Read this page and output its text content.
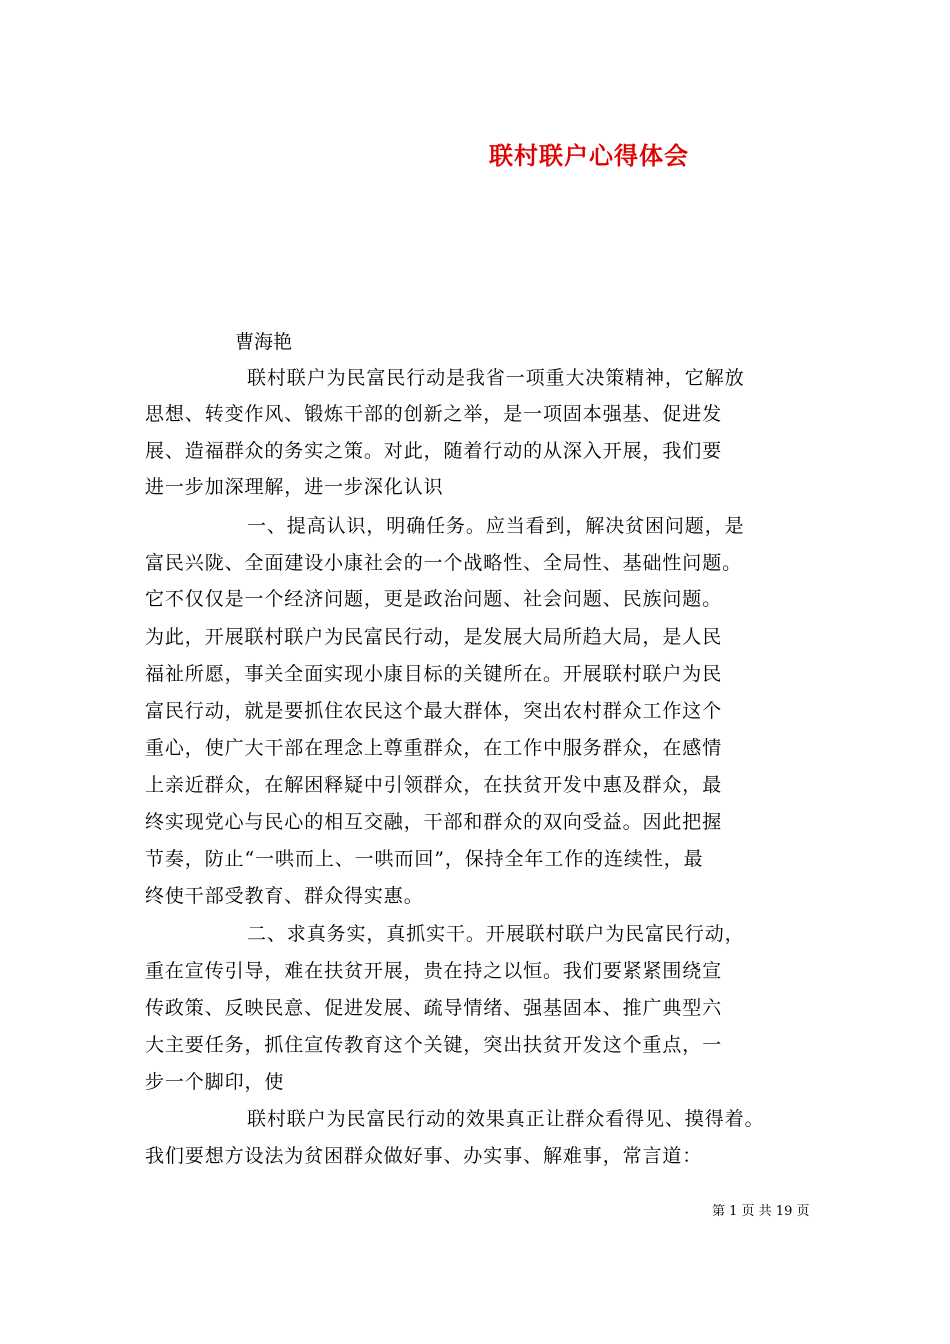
联村联户心得体会
曹海艳
联村联户为民富民行动是我省一项重大决策精神，它解放
思想、转变作风、锻炼干部的创新之举，是一项固本强基、促进发
展、造福群众的务实之策。对此，随着行动的从深入开展，我们要
进一步加深理解，进一步深化认识
一、提高认识，明确任务。应当看到，解决贫困问题，是
富民兴陇、全面建设小康社会的一个战略性、全局性、基础性问题。
它不仅仅是一个经济问题，更是政治问题、社会问题、民族问题。
为此，开展联村联户为民富民行动，是发展大局所趋大局，是人民
福祉所愿，事关全面实现小康目标的关键所在。开展联村联户为民
富民行动，就是要抓住农民这个最大群体，突出农村群众工作这个
重心，使广大干部在理念上尊重群众，在工作中服务群众，在感情
上亲近群众，在解困释疑中引领群众，在扶贫开发中惠及群众，最
终实现党心与民心的相互交融，干部和群众的双向受益。因此把握
节奏，防止“一哄而上、一哄而回”，保持全年工作的连续性，最
终使干部受教育、群众得实惠。
二、求真务实，真抓实干。开展联村联户为民富民行动，
重在宣传引导，难在扶贫开展，贵在持之以恒。我们要紧紧围绕宣
传政策、反映民意、促进发展、疏导情绪、强基固本、推广典型六
大主要任务，抓住宣传教育这个关键，突出扶贫开发这个重点，一
步一个脚印，使
联村联户为民富民行动的效果真正让群众看得见、摸得着。
我们要想方设法为贫困群众做好事、办实事、解难事，常言道：
第 1 页 共 19 页
